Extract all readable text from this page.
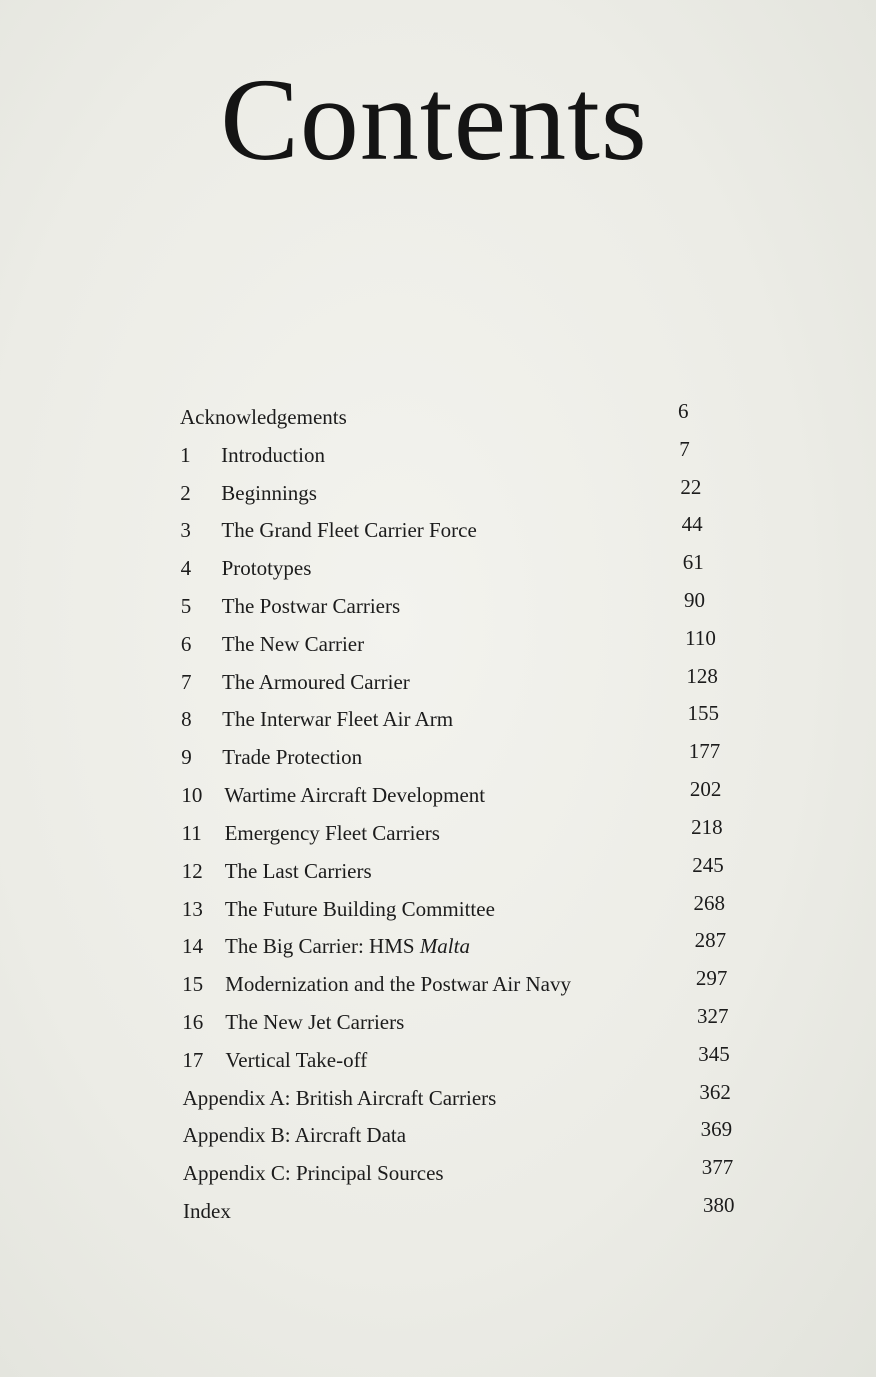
Contents
Acknowledgements	6
1 Introduction	7
2 Beginnings	22
3 The Grand Fleet Carrier Force	44
4 Prototypes	61
5 The Postwar Carriers	90
6 The New Carrier	110
7 The Armoured Carrier	128
8 The Interwar Fleet Air Arm	155
9 Trade Protection	177
10 Wartime Aircraft Development	202
11 Emergency Fleet Carriers	218
12 The Last Carriers	245
13 The Future Building Committee	268
14 The Big Carrier: HMS Malta	287
15 Modernization and the Postwar Air Navy	297
16 The New Jet Carriers	327
17 Vertical Take-off	345
Appendix A: British Aircraft Carriers	362
Appendix B: Aircraft Data	369
Appendix C: Principal Sources	377
Index	380
